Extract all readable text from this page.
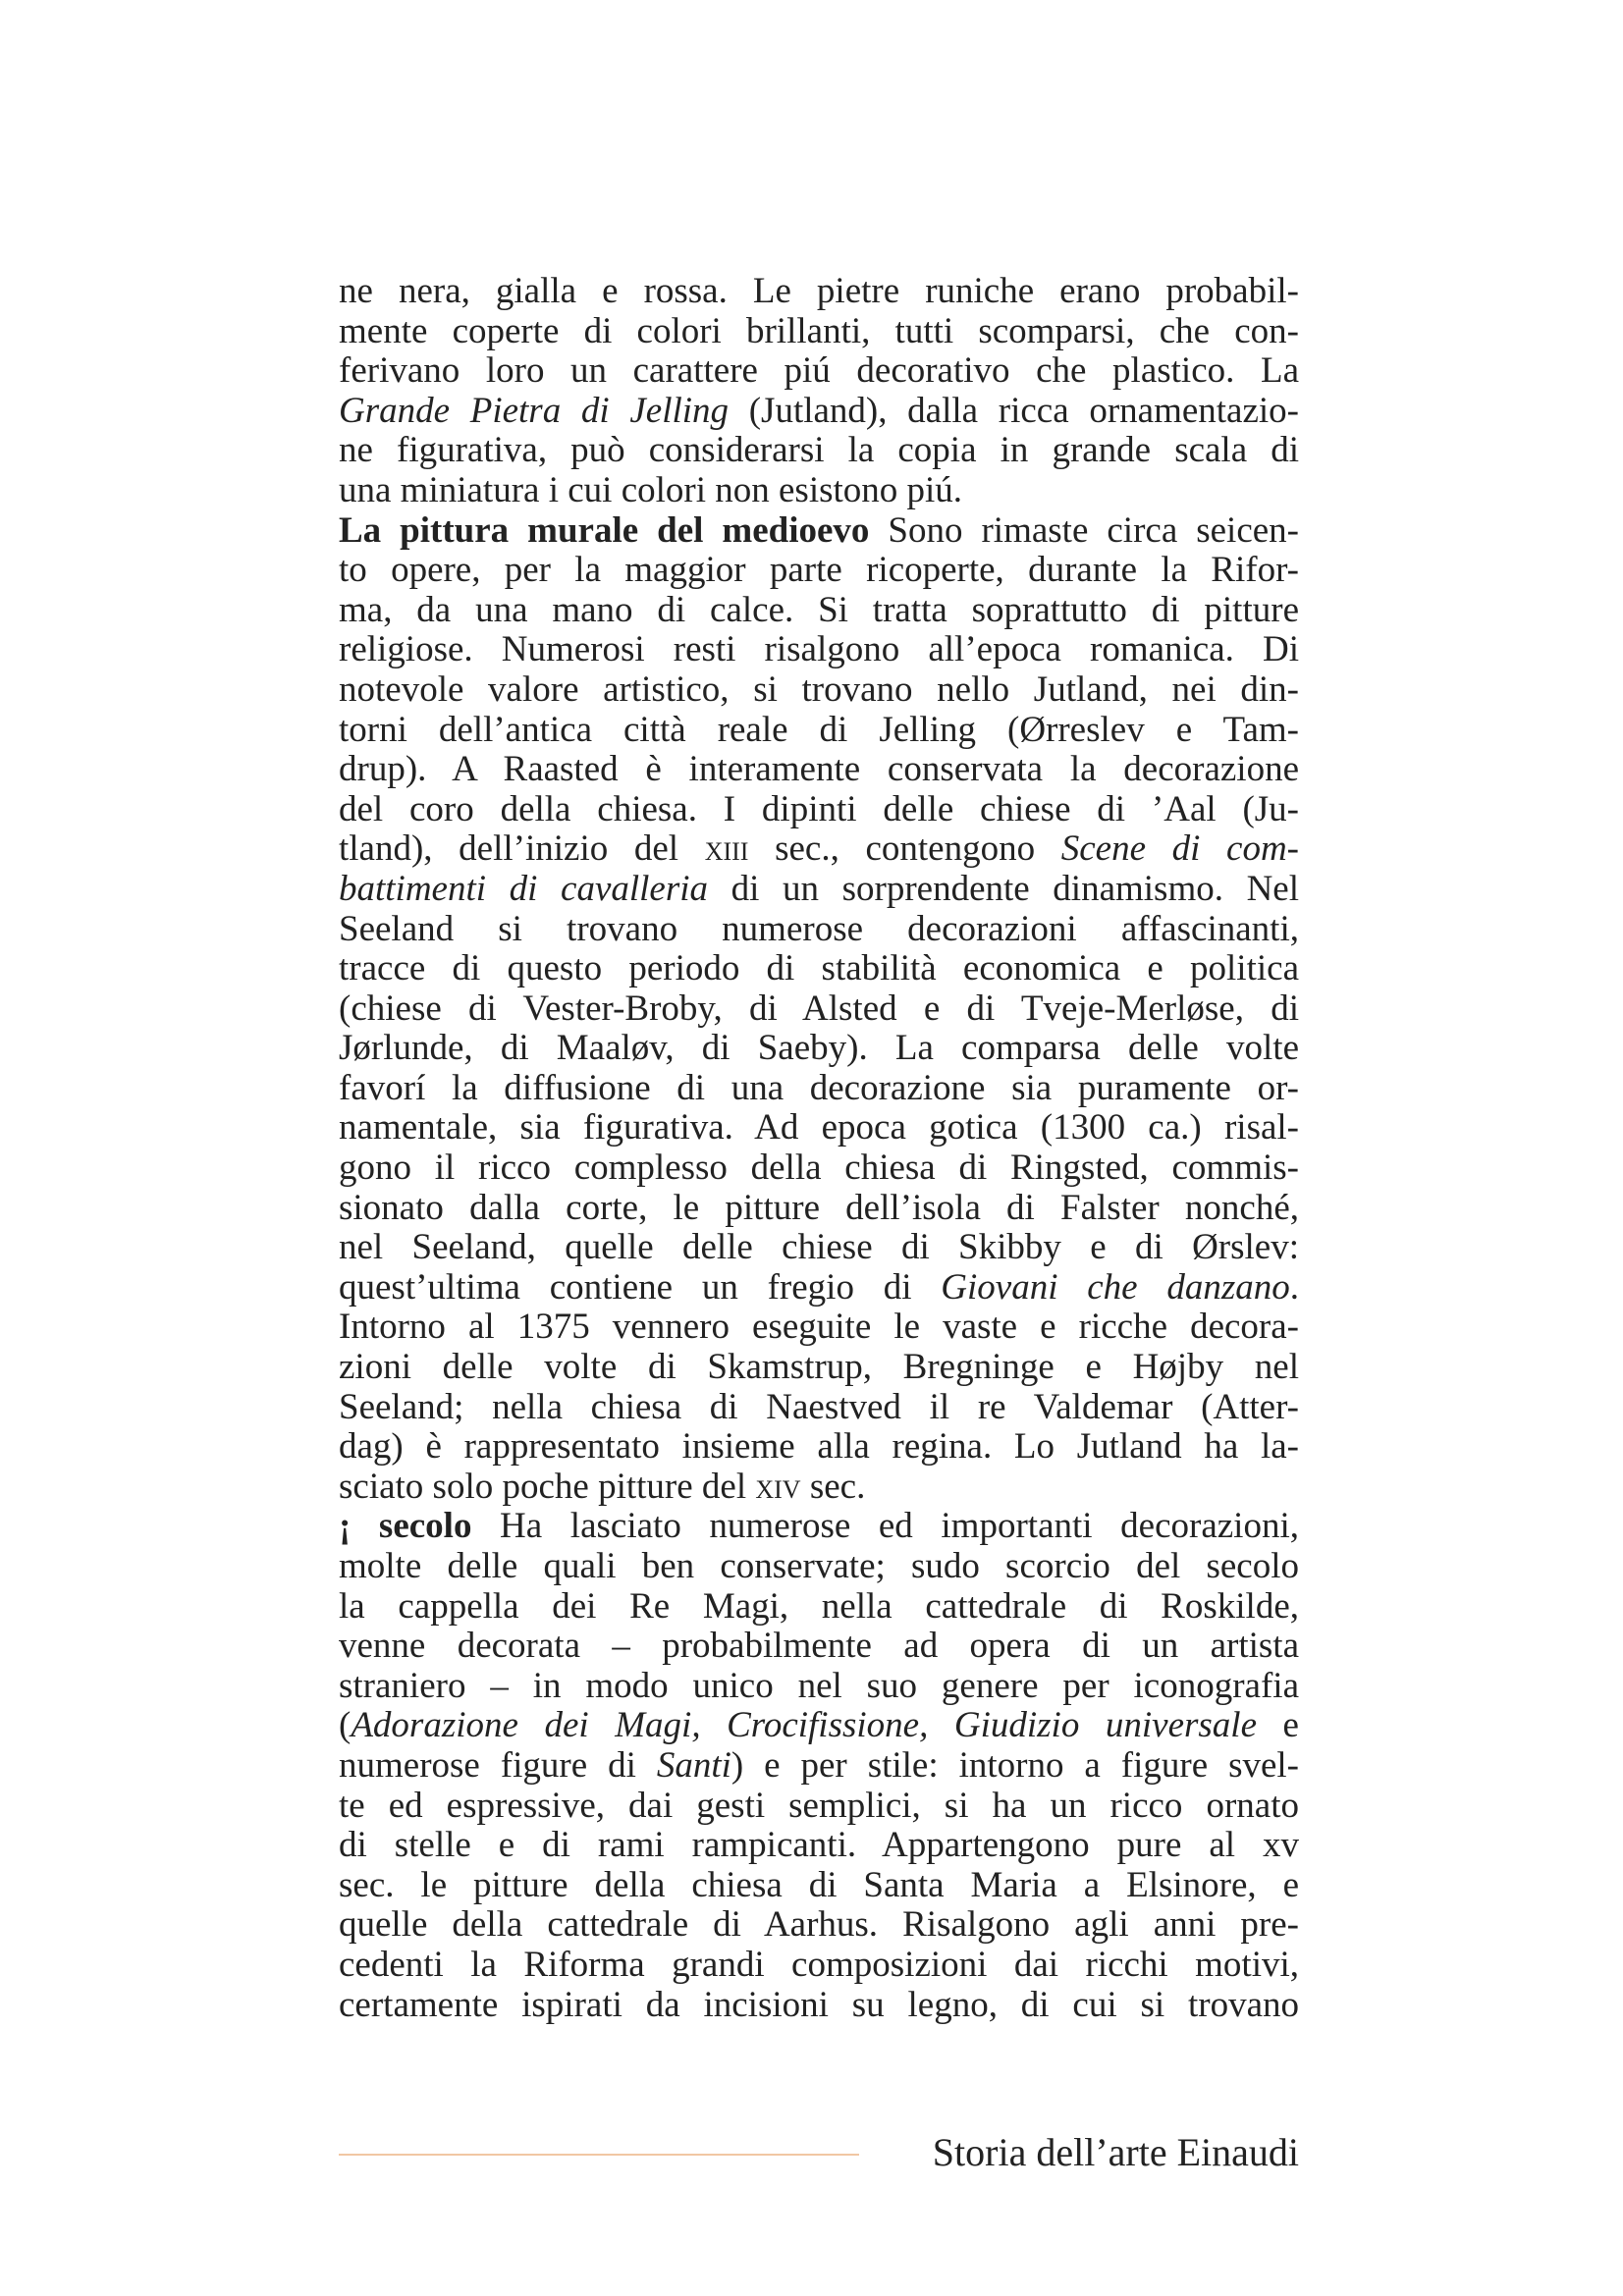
ne nera, gialla e rossa. Le pietre runiche erano probabil-
mente coperte di colori brillanti, tutti scomparsi, che con-
ferivano loro un carattere piú decorativo che plastico. La
Grande Pietra di Jelling (Jutland), dalla ricca ornamentazio-
ne figurativa, può considerarsi la copia in grande scala di
una miniatura i cui colori non esistono piú.
La pittura murale del medioevo Sono rimaste circa seicen-
to opere, per la maggior parte ricoperte, durante la Rifor-
ma, da una mano di calce. Si tratta soprattutto di pitture
religiose. Numerosi resti risalgono all’epoca romanica. Di
notevole valore artistico, si trovano nello Jutland, nei din-
torni dell’antica città reale di Jelling (Ørreslev e Tam-
drup). A Raasted è interamente conservata la decorazione
del coro della chiesa. I dipinti delle chiese di ’Aal (Ju-
tland), dell’inizio del xiii sec., contengono Scene di com-
battimenti di cavalleria di un sorprendente dinamismo. Nel
Seeland si trovano numerose decorazioni affascinanti,
tracce di questo periodo di stabilità economica e politica
(chiese di Vester-Broby, di Alsted e di Tveje-Merløse, di
Jørlunde, di Maaløv, di Saeby). La comparsa delle volte
favorí la diffusione di una decorazione sia puramente or-
namentale, sia figurativa. Ad epoca gotica (1300 ca.) risal-
gono il ricco complesso della chiesa di Ringsted, commis-
sionato dalla corte, le pitture dell’isola di Falster nonché,
nel Seeland, quelle delle chiese di Skibby e di Ørslev:
quest’ultima contiene un fregio di Giovani che danzano.
Intorno al 1375 vennero eseguite le vaste e ricche decora-
zioni delle volte di Skamstrup, Bregninge e Højby nel
Seeland; nella chiesa di Naestved il re Valdemar (Atter-
dag) è rappresentato insieme alla regina. Lo Jutland ha la-
sciato solo poche pitture del xiv sec.
¡ secolo Ha lasciato numerose ed importanti decorazioni,
molte delle quali ben conservate; sudo scorcio del secolo
la cappella dei Re Magi, nella cattedrale di Roskilde,
venne decorata – probabilmente ad opera di un artista
straniero – in modo unico nel suo genere per iconografia
(Adorazione dei Magi, Crocifissione, Giudizio universale e
numerose figure di Santi) e per stile: intorno a figure svel-
te ed espressive, dai gesti semplici, si ha un ricco ornato
di stelle e di rami rampicanti. Appartengono pure al xv
sec. le pitture della chiesa di Santa Maria a Elsinore, e
quelle della cattedrale di Aarhus. Risalgono agli anni pre-
cedenti la Riforma grandi composizioni dai ricchi motivi,
certamente ispirati da incisioni su legno, di cui si trovano
Storia dell’arte Einaudi
